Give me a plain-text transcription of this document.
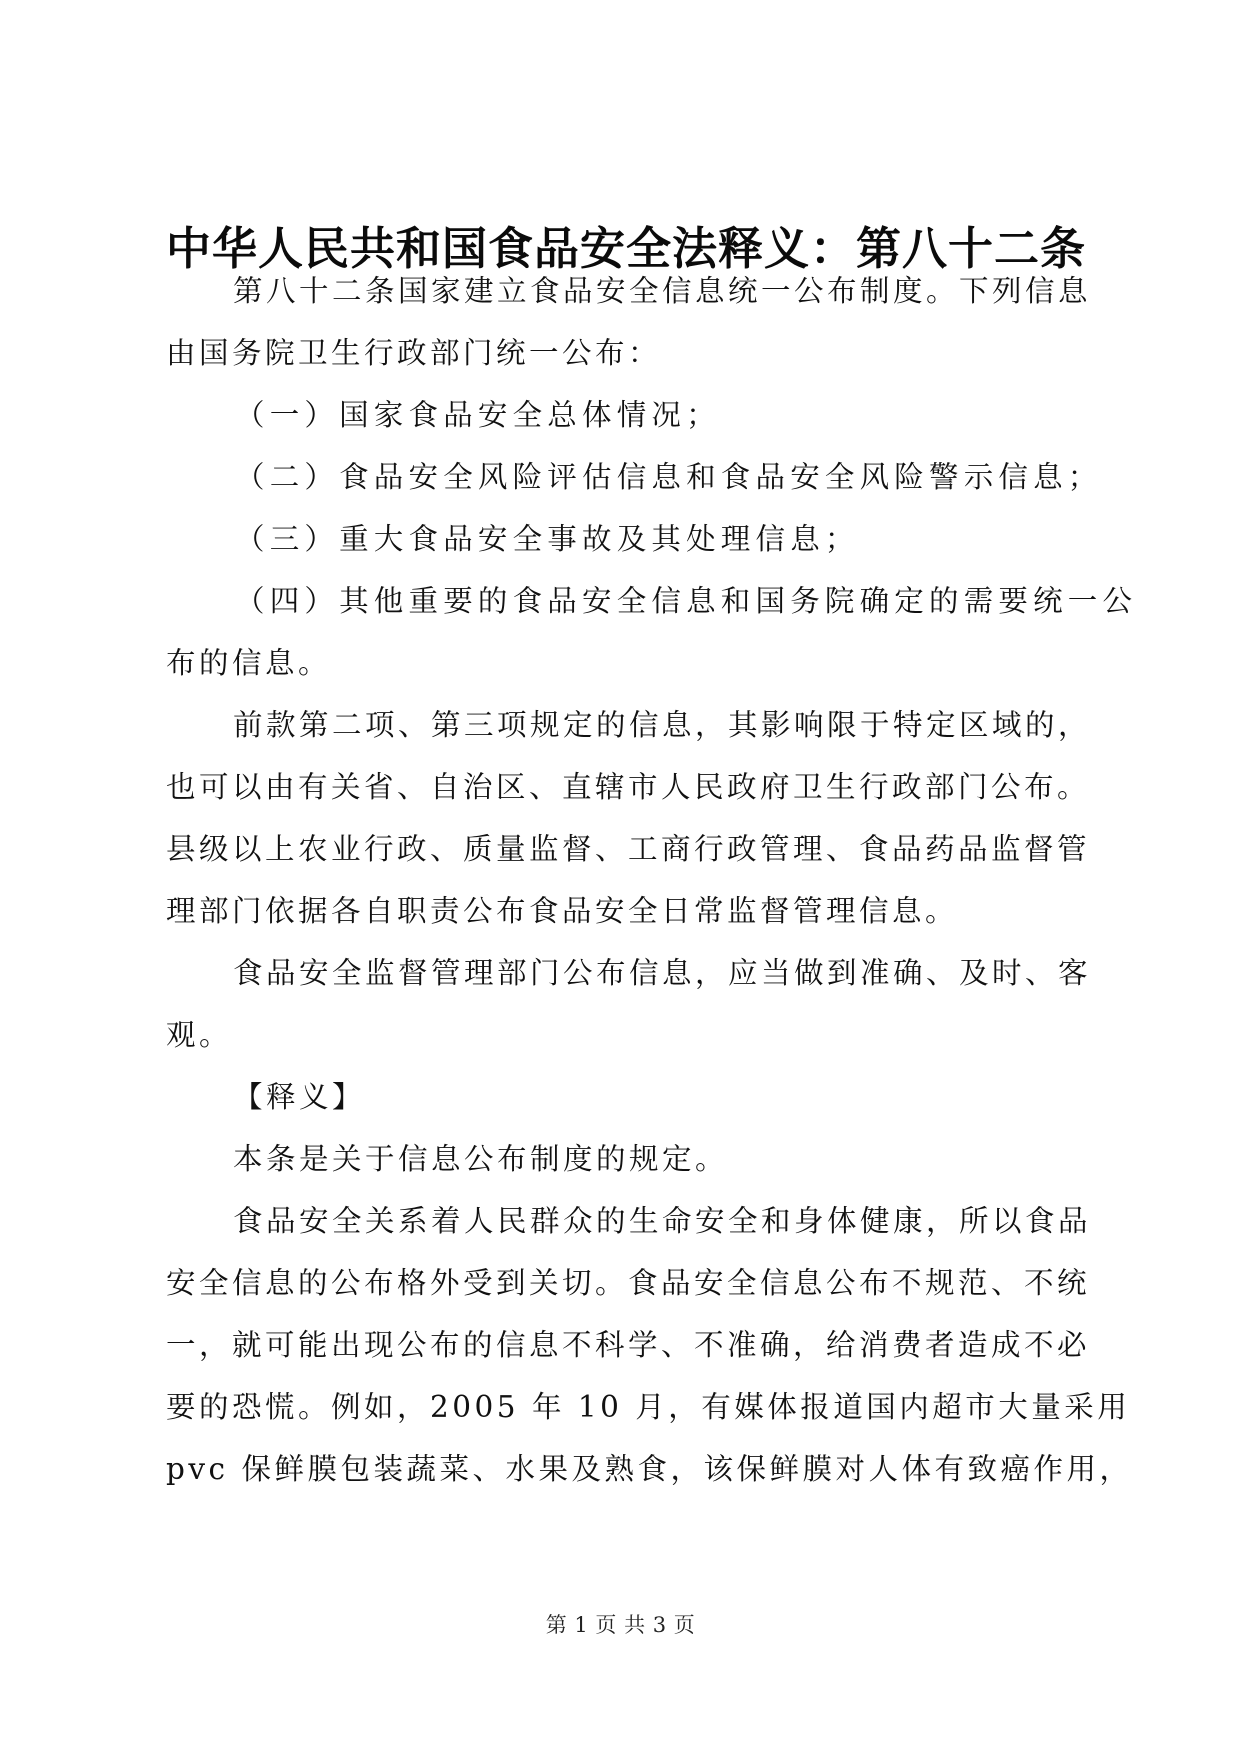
中华人民共和国食品安全法释义：第八十二条
第八十二条国家建立食品安全信息统一公布制度。下列信息
由国务院卫生行政部门统一公布：
（一）国家食品安全总体情况；
（二）食品安全风险评估信息和食品安全风险警示信息；
（三）重大食品安全事故及其处理信息；
（四）其他重要的食品安全信息和国务院确定的需要统一公
布的信息。
前款第二项、第三项规定的信息，其影响限于特定区域的，
也可以由有关省、自治区、直辖市人民政府卫生行政部门公布。
县级以上农业行政、质量监督、工商行政管理、食品药品监督管
理部门依据各自职责公布食品安全日常监督管理信息。
食品安全监督管理部门公布信息，应当做到准确、及时、客
观。
【释义】
本条是关于信息公布制度的规定。
食品安全关系着人民群众的生命安全和身体健康，所以食品
安全信息的公布格外受到关切。食品安全信息公布不规范、不统
一，就可能出现公布的信息不科学、不准确，给消费者造成不必
要的恐慌。例如，2005 年 10 月，有媒体报道国内超市大量采用
pvc 保鲜膜包装蔬菜、水果及熟食，该保鲜膜对人体有致癌作用，
第 1 页 共 3 页
